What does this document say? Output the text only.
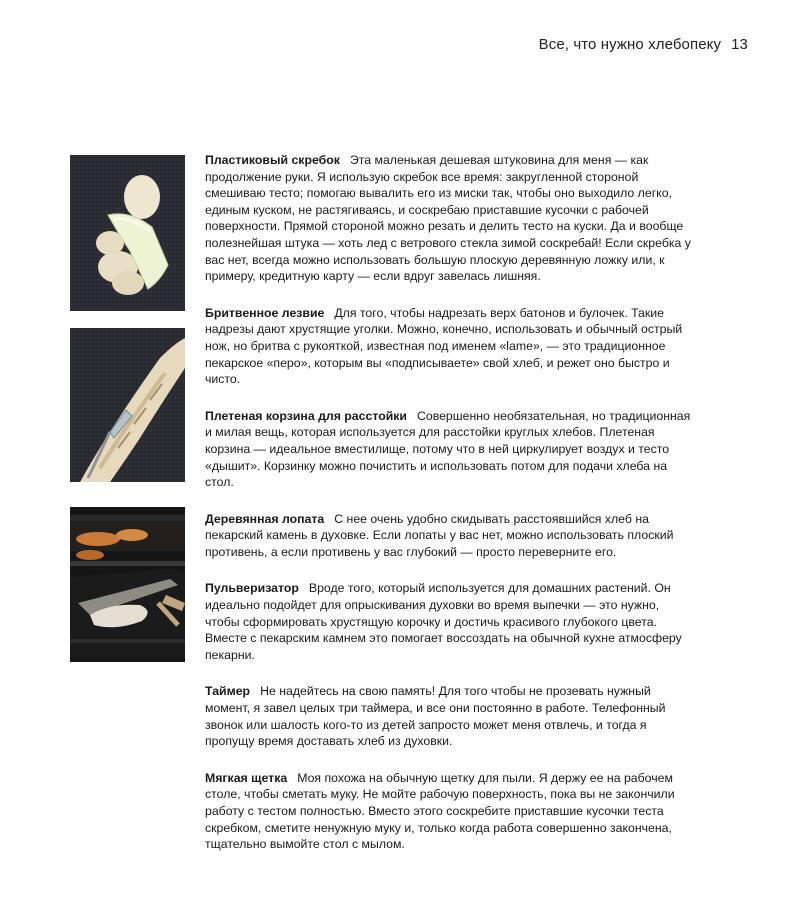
Все, что нужно хлебопеку 13

Пластиковый скребок Эта маленькая дешевая штуковина для меня — как продолжение руки. Я использую скребок все время: закругленной стороной смешиваю тесто; помогаю вывалить его из миски так, чтобы оно выходило легко, единым куском, не растягиваясь, и соскребаю приставшие кусочки с рабочей поверхности. Прямой стороной можно резать и делить тесто на куски. Да и вообще полезнейшая штука — хоть лед с ветрового стекла зимой соскребай! Если скребка у вас нет, всегда можно использовать большую плоскую деревянную ложку или, к примеру, кредитную карту — если вдруг завелась лишняя.

Бритвенное лезвие Для того, чтобы надрезать верх батонов и булочек. Такие надрезы дают хрустящие уголки. Можно, конечно, использовать и обычный острый нож, но бритва с рукояткой, известная под именем «lame», — это традиционное пекарское «перо», которым вы «подписываете» свой хлеб, и режет оно быстро и чисто.

Плетеная корзина для расстойки Совершенно необязательная, но традиционная и милая вещь, которая используется для расстойки круглых хлебов. Плетеная корзина — идеальное вместилище, потому что в ней циркулирует воздух и тесто «дышит». Корзинку можно почистить и использовать потом для подачи хлеба на стол.

Деревянная лопата С нее очень удобно скидывать расстоявшийся хлеб на пекарский камень в духовке. Если лопаты у вас нет, можно использовать плоский противень, а если противень у вас глубокий — просто переверните его.

Пульверизатор Вроде того, который используется для домашних растений. Он идеально подойдет для опрыскивания духовки во время выпечки — это нужно, чтобы сформировать хрустящую корочку и достичь красивого глубокого цвета. Вместе с пекарским камнем это помогает воссоздать на обычной кухне атмосферу пекарни.

Таймер Не надейтесь на свою память! Для того чтобы не прозевать нужный момент, я завел целых три таймера, и все они постоянно в работе. Телефонный звонок или шалость кого-то из детей запросто может меня отвлечь, и тогда я пропущу время доставать хлеб из духовки.

Мягкая щетка Моя похожа на обычную щетку для пыли. Я держу ее на рабочем столе, чтобы сметать муку. Не мойте рабочую поверхность, пока вы не закончили работу с тестом полностью. Вместо этого соскребите приставшие кусочки теста скребком, сметите ненужную муку и, только когда работа совершенно закончена, тщательно вымойте стол с мылом.
